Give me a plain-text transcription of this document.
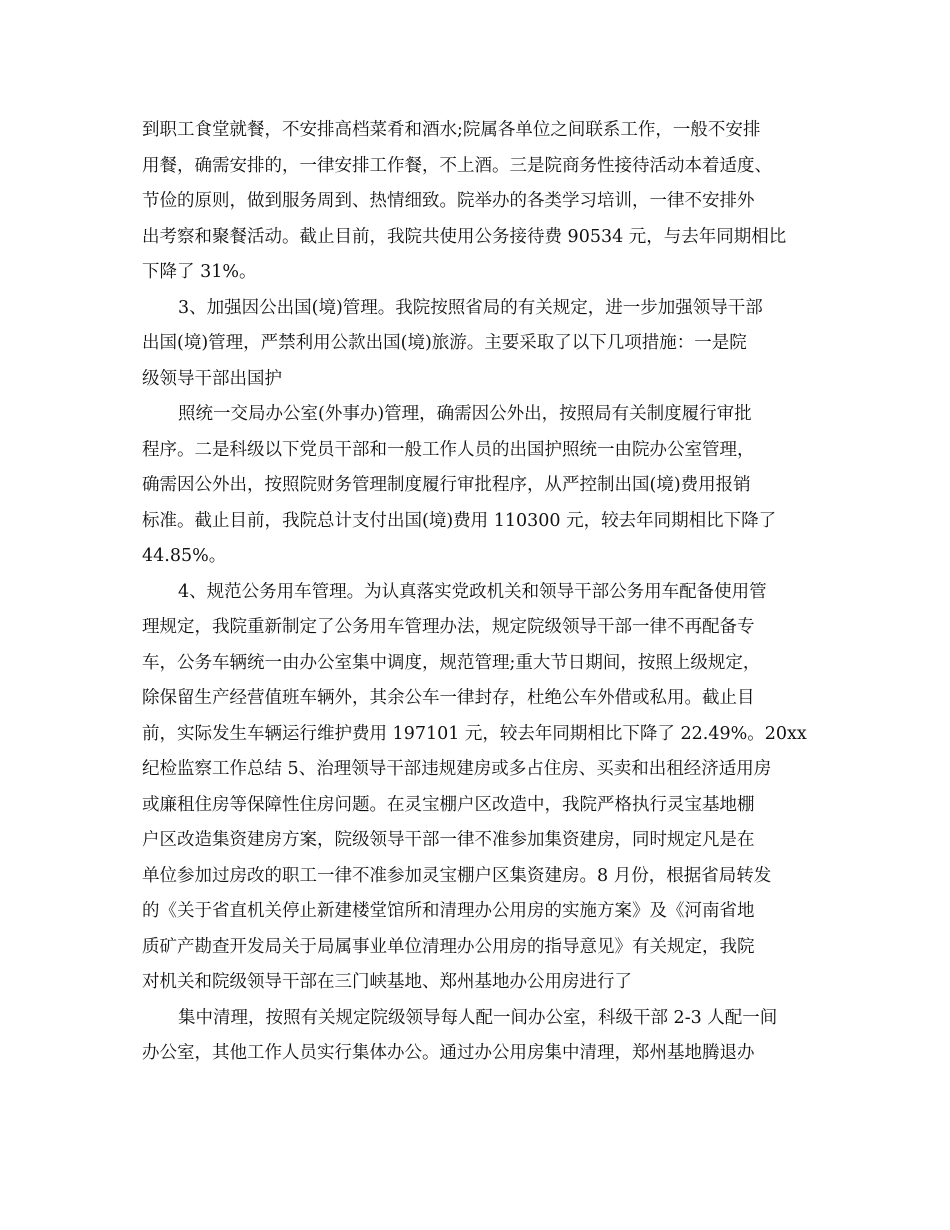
到职工食堂就餐，不安排高档菜肴和酒水;院属各单位之间联系工作，一般不安排
用餐，确需安排的，一律安排工作餐，不上酒。三是院商务性接待活动本着适度、
节俭的原则，做到服务周到、热情细致。院举办的各类学习培训，一律不安排外
出考察和聚餐活动。截止目前，我院共使用公务接待费 90534 元，与去年同期相比
下降了 31%。
3、加强因公出国(境)管理。我院按照省局的有关规定，进一步加强领导干部
出国(境)管理，严禁利用公款出国(境)旅游。主要采取了以下几项措施：一是院
级领导干部出国护
照统一交局办公室(外事办)管理，确需因公外出，按照局有关制度履行审批
程序。二是科级以下党员干部和一般工作人员的出国护照统一由院办公室管理，
确需因公外出，按照院财务管理制度履行审批程序，从严控制出国(境)费用报销
标准。截止目前，我院总计支付出国(境)费用 110300 元，较去年同期相比下降了
44.85%。
4、规范公务用车管理。为认真落实党政机关和领导干部公务用车配备使用管
理规定，我院重新制定了公务用车管理办法，规定院级领导干部一律不再配备专
车，公务车辆统一由办公室集中调度，规范管理;重大节日期间，按照上级规定，
除保留生产经营值班车辆外，其余公车一律封存，杜绝公车外借或私用。截止目
前，实际发生车辆运行维护费用 197101 元，较去年同期相比下降了 22.49%。20xx
纪检监察工作总结 5、治理领导干部违规建房或多占住房、买卖和出租经济适用房
或廉租住房等保障性住房问题。在灵宝棚户区改造中，我院严格执行灵宝基地棚
户区改造集资建房方案，院级领导干部一律不准参加集资建房，同时规定凡是在
单位参加过房改的职工一律不准参加灵宝棚户区集资建房。8 月份，根据省局转发
的《关于省直机关停止新建楼堂馆所和清理办公用房的实施方案》及《河南省地
质矿产勘查开发局关于局属事业单位清理办公用房的指导意见》有关规定，我院
对机关和院级领导干部在三门峡基地、郑州基地办公用房进行了
集中清理，按照有关规定院级领导每人配一间办公室，科级干部 2-3 人配一间
办公室，其他工作人员实行集体办公。通过办公用房集中清理，郑州基地腾退办
